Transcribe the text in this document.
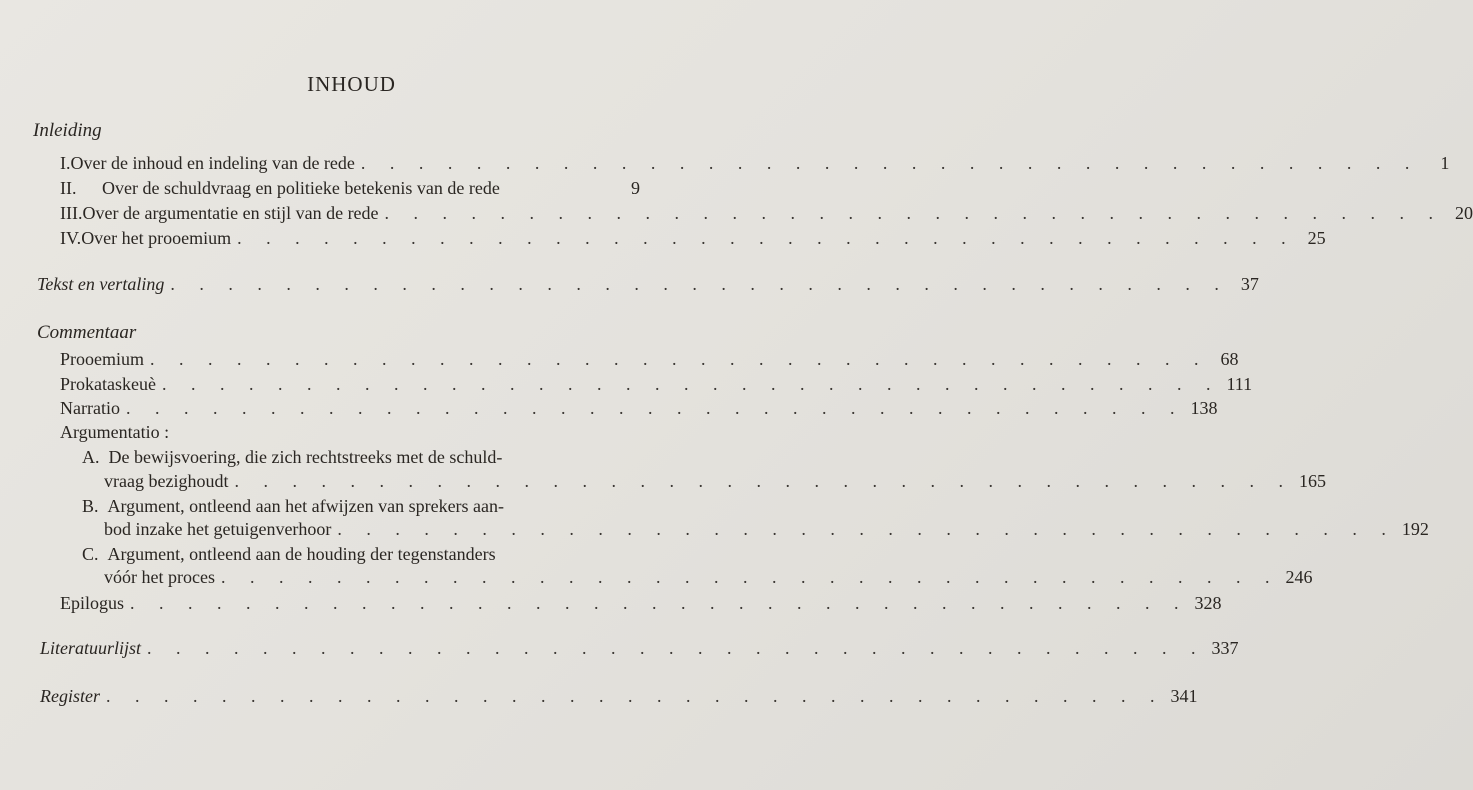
INHOUD
Inleiding
I. Over de inhoud en indeling van de rede . . . . . . . . . . . . . . . . . . . . . . . . . . . . . . . . . . . . .	1
II.	Over de schuldvraag en politieke betekenis van de rede	9
III. Over de argumentatie en stijl van de rede . . . . . . . . . . . . . . . . . . . . . . . . . . . . . . . . . . . . . 20
IV. Over het prooemium . . . . . . . . . . . . . . . . . . . . . . . . . . . . . . . . . . . . . 25
Tekst en vertaling . . . . . . . . . . . . . . . . . . . . . . . . . . . . . . . . . . . . . 37
Commentaar
Prooemium . . . . . . . . . . . . . . . . . . . . . . . . . . . . . . . . . . . . . 68
Prokataskeuè . . . . . . . . . . . . . . . . . . . . . . . . . . . . . . . . . . . . . 111
Narratio . . . . . . . . . . . . . . . . . . . . . . . . . . . . . . . . . . . . . 138
Argumentatio :
A. De bewijsvoering, die zich rechtstreeks met de schuld-
vraag bezighoudt . . . . . . . . . . . . . . . . . . . . . . . . . . . . . . . . . . . . . 165
B. Argument, ontleend aan het afwijzen van sprekers aan-
bod inzake het getuigenverhoor . . . . . . . . . . . . . . . . . . . . . . . . . . . . . . . . . . . . . 192
C. Argument, ontleend aan de houding der tegenstanders
vóór het proces . . . . . . . . . . . . . . . . . . . . . . . . . . . . . . . . . . . . . 246
Epilogus . . . . . . . . . . . . . . . . . . . . . . . . . . . . . . . . . . . . . 328
Literatuurlijst . . . . . . . . . . . . . . . . . . . . . . . . . . . . . . . . . . . . . 337
Register . . . . . . . . . . . . . . . . . . . . . . . . . . . . . . . . . . . . . 341
